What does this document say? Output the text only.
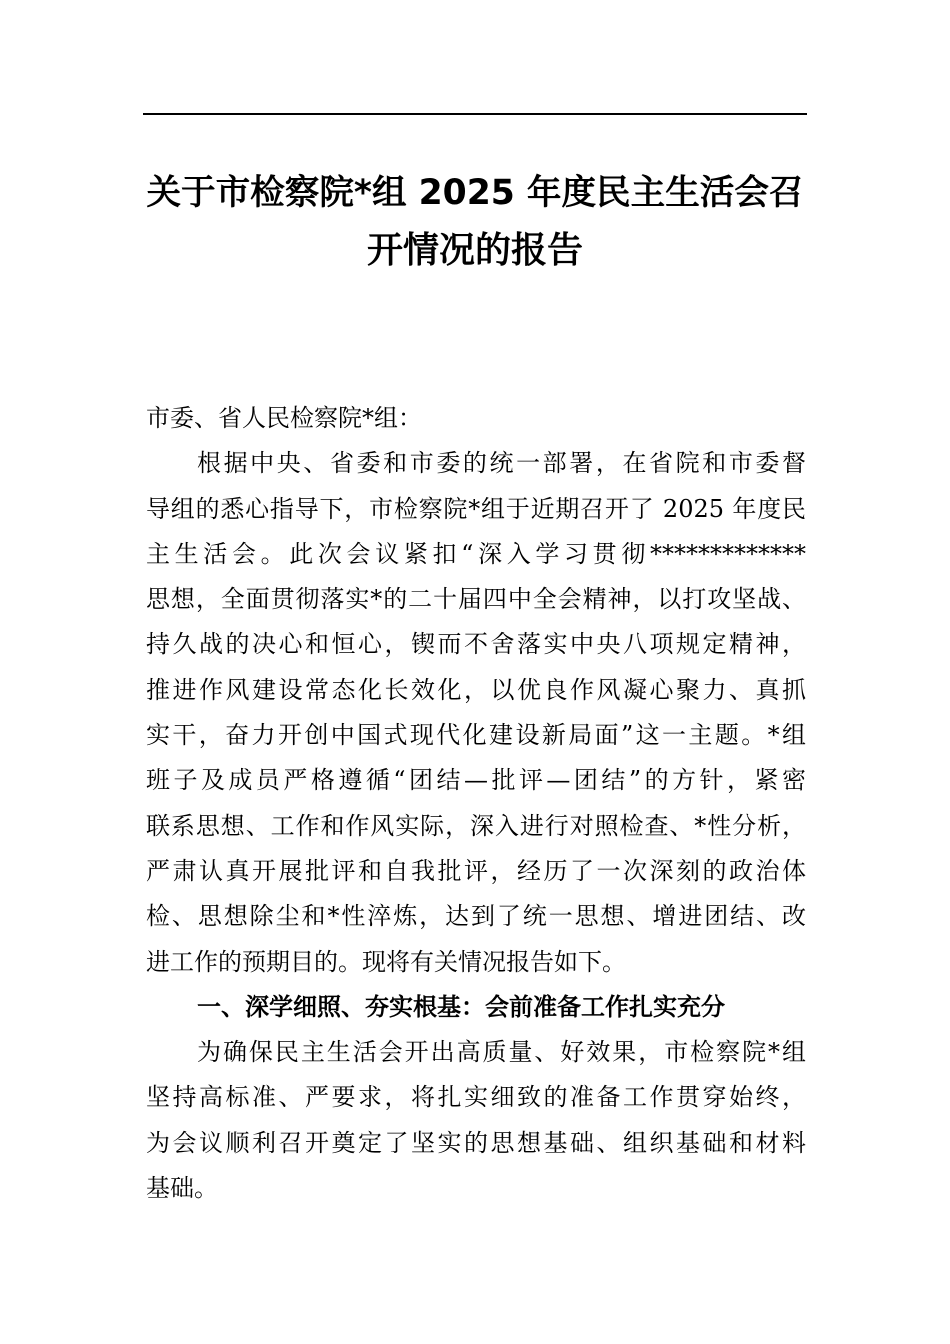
关于市检察院*组 2025 年度民主生活会召
开情况的报告
市委、省人民检察院*组：
根据中央、省委和市委的统一部署，在省院和市委督
导组的悉心指导下，市检察院*组于近期召开了 2025 年度民
主生活会。此次会议紧扣“深入学习贯彻*************
思想，全面贯彻落实*的二十届四中全会精神，以打攻坚战、
持久战的决心和恒心，锲而不舍落实中央八项规定精神，
推进作风建设常态化长效化，以优良作风凝心聚力、真抓
实干，奋力开创中国式现代化建设新局面”这一主题。*组
班子及成员严格遵循“团结—批评—团结”的方针，紧密
联系思想、工作和作风实际，深入进行对照检查、*性分析，
严肃认真开展批评和自我批评，经历了一次深刻的政治体
检、思想除尘和*性淬炼，达到了统一思想、增进团结、改
进工作的预期目的。现将有关情况报告如下。
一、深学细照、夯实根基：会前准备工作扎实充分
为确保民主生活会开出高质量、好效果，市检察院*组
坚持高标准、严要求，将扎实细致的准备工作贯穿始终，
为会议顺利召开奠定了坚实的思想基础、组织基础和材料
基础。
